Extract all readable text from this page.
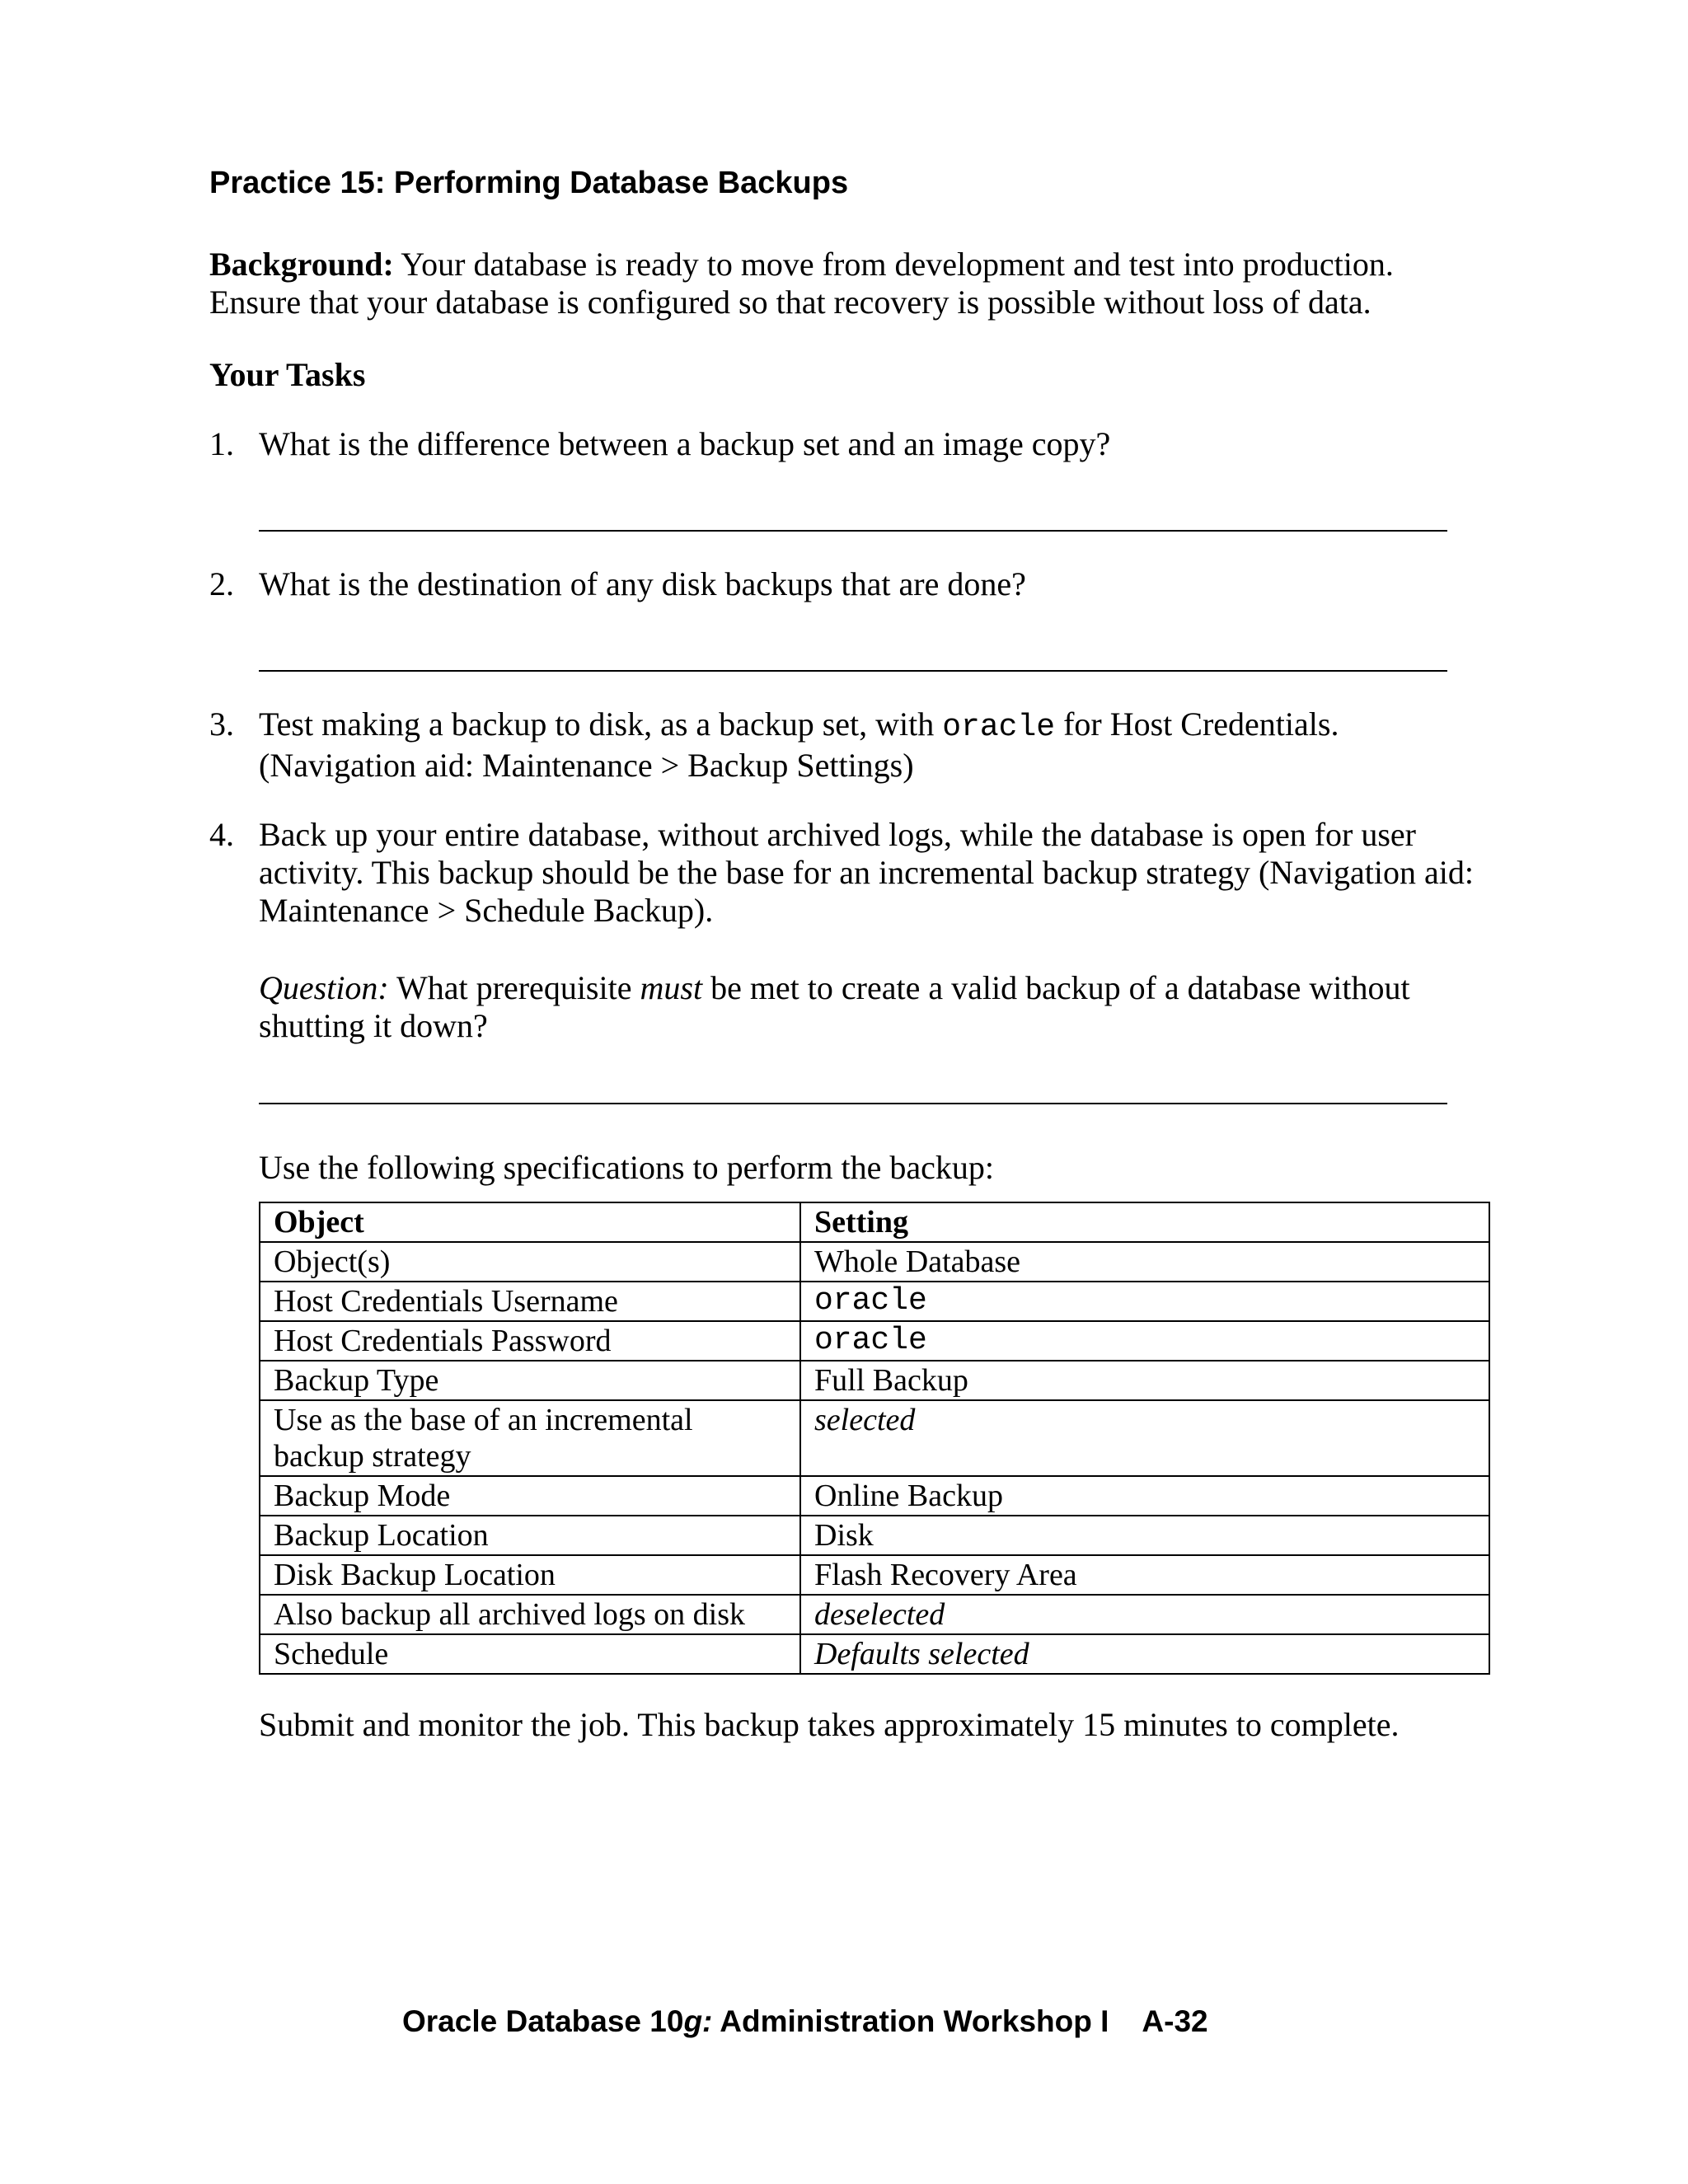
Practice 15: Performing Database Backups
Background: Your database is ready to move from development and test into production. Ensure that your database is configured so that recovery is possible without loss of data.
Your Tasks
1. What is the difference between a backup set and an image copy?
2. What is the destination of any disk backups that are done?
3. Test making a backup to disk, as a backup set, with oracle for Host Credentials. (Navigation aid: Maintenance > Backup Settings)
4. Back up your entire database, without archived logs, while the database is open for user activity. This backup should be the base for an incremental backup strategy (Navigation aid: Maintenance > Schedule Backup).
Question: What prerequisite must be met to create a valid backup of a database without shutting it down?
Use the following specifications to perform the backup:
Object	Setting
Object(s)	Whole Database
Host Credentials Username	oracle
Host Credentials Password	oracle
Backup Type	Full Backup
Use as the base of an incremental backup strategy	selected
Backup Mode	Online Backup
Backup Location	Disk
Disk Backup Location	Flash Recovery Area
Also backup all archived logs on disk	deselected
Schedule	Defaults selected
Submit and monitor the job. This backup takes approximately 15 minutes to complete.
Oracle Database 10g: Administration Workshop I A-32
